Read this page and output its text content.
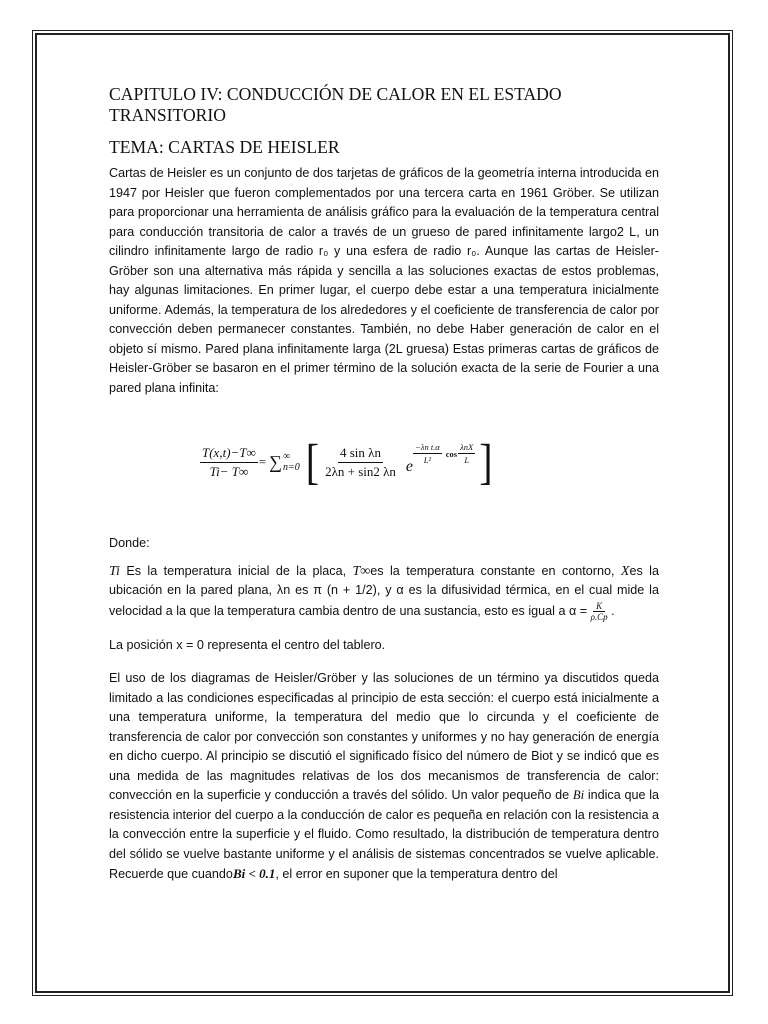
CAPITULO IV: CONDUCCIÓN DE CALOR EN EL ESTADO TRANSITORIO
TEMA: CARTAS DE HEISLER

Cartas de Heisler es un conjunto de dos tarjetas de gráficos de la geometría interna introducida en 1947 por Heisler que fueron complementados por una tercera carta en 1961 Gröber. Se utilizan para proporcionar una herramienta de análisis gráfico para la evaluación de la temperatura central para conducción transitoria de calor a través de un grueso de pared infinitamente largo2 L, un cilindro infinitamente largo de radio r₀ y una esfera de radio r₀. Aunque las cartas de Heisler-Gröber son una alternativa más rápida y sencilla a las soluciones exactas de estos problemas, hay algunas limitaciones. En primer lugar, el cuerpo debe estar a una temperatura inicialmente uniforme. Además, la temperatura de los alrededores y el coeficiente de transferencia de calor por convección deben permanecer constantes. También, no debe Haber generación de calor en el objeto sí mismo. Pared plana infinitamente larga (2L gruesa) Estas primeras cartas de gráficos de Heisler-Gröber se basaron en el primer término de la solución exacta de la serie de Fourier a una pared plana infinita:

$\frac{T(x,t)-T\infty}{Ti- T\infty}$ = ∑ ∞
n=0 [ $\frac{\text{4 sin λn}}{2\lambda n + \sin 2 \lambda n}$ e
$\frac{\text{−λn t.α}}{\text{L²}}$ $\cos \frac{\text{λnX}}{L}$ ]

Donde:

Ti Es la temperatura inicial de la placa, T∞es la temperatura constante en contorno, Xes la ubicación en la pared plana, λn es π (n + 1/2), y α es la difusividad térmica, en el cual mide la velocidad a la que la temperatura cambia dentro de una sustancia, esto es igual a $\alpha = \frac{K}{\rho.Cp}$ .

La posición x = 0 representa el centro del tablero.

El uso de los diagramas de Heisler/Gröber y las soluciones de un término ya discutidos queda limitado a las condiciones especificadas al principio de esta sección: el cuerpo está inicialmente a una temperatura uniforme, la temperatura del medio que lo circunda y el coeficiente de transferencia de calor por convección son constantes y uniformes y no hay generación de energía en dicho cuerpo. Al principio se discutió el significado físico del número de Biot y se indicó que es una medida de las magnitudes relativas de los dos mecanismos de transferencia de calor: convección en la superficie y conducción a través del sólido. Un valor pequeño de Bi indica que la resistencia interior del cuerpo a la conducción de calor es pequeña en relación con la resistencia a la convección entre la superficie y el fluido. Como resultado, la distribución de temperatura dentro del sólido se vuelve bastante uniforme y el análisis de sistemas concentrados se vuelve aplicable. Recuerde que cuandoBi < 0.1, el error en suponer que la temperatura dentro del
